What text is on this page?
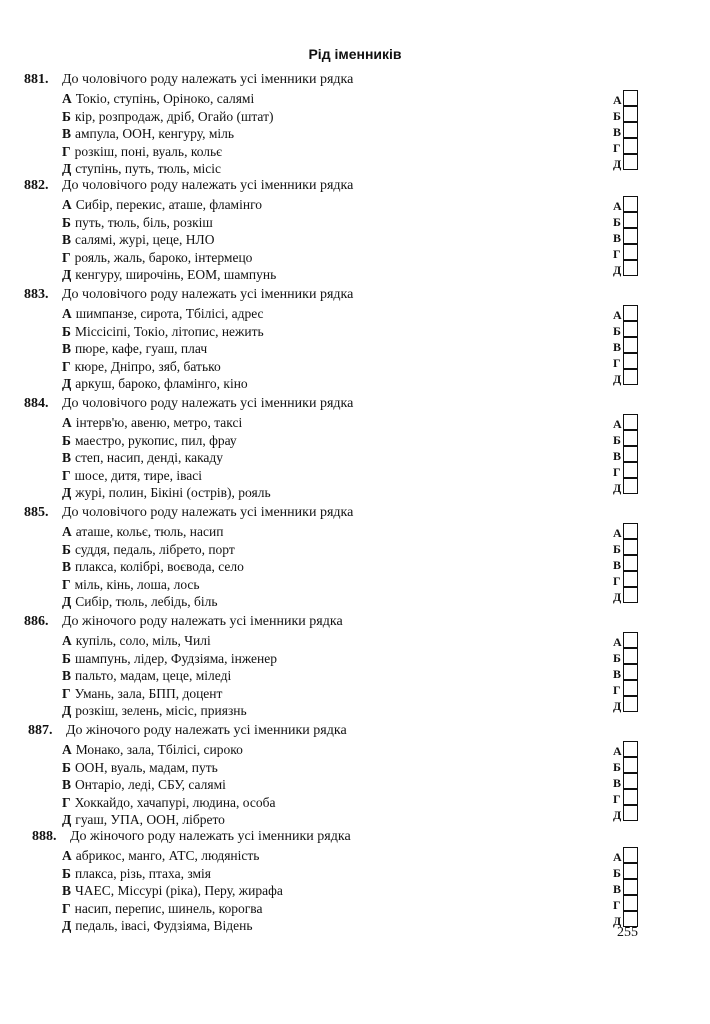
Рід іменників
881. До чоловічого роду належать усі іменники рядка
А Токіо, ступінь, Оріноко, салямі	А
Б кір, розпродаж, дріб, Огайо (штат)	Б
В ампула, ООН, кенгуру, міль	В
Г розкіш, поні, вуаль, кольє	Г
Д ступінь, путь, тюль, місіс	Д
882. До чоловічого роду належать усі іменники рядка
А Сибір, перекис, аташе, фламінго	А
Б путь, тюль, біль, розкіш	Б
В салямі, журі, цеце, НЛО	В
Г рояль, жаль, бароко, інтермецо	Г
Д кенгуру, широчінь, ЕОМ, шампунь	Д
883. До чоловічого роду належать усі іменники рядка
А шимпанзе, сирота, Тбілісі, адрес	А
Б Міссісіпі, Токіо, літопис, нежить	Б
В пюре, кафе, гуаш, плач	В
Г кюре, Дніпро, зяб, батько	Г
Д аркуш, бароко, фламінго, кіно	Д
884. До чоловічого роду належать усі іменники рядка
А інтерв'ю, авеню, метро, таксі	А
Б маестро, рукопис, пил, фрау	Б
В степ, насип, денді, какаду	В
Г шосе, дитя, тире, івасі	Г
Д журі, полин, Бікіні (острів), рояль	Д
885. До чоловічого роду належать усі іменники рядка
А аташе, кольє, тюль, насип	А
Б суддя, педаль, лібрето, порт	Б
В плакса, колібрі, воєвода, село	В
Г міль, кінь, лоша, лось	Г
Д Сибір, тюль, лебідь, біль	Д
886. До жіночого роду належать усі іменники рядка
А купіль, соло, міль, Чилі	А
Б шампунь, лідер, Фудзіяма, інженер	Б
В пальто, мадам, цеце, міледі	В
Г Умань, зала, БПП, доцент	Г
Д розкіш, зелень, місіс, приязнь	Д
887. До жіночого роду належать усі іменники рядка
А Монако, зала, Тбілісі, сироко	А
Б ООН, вуаль, мадам, путь	Б
В Онтаріо, леді, СБУ, салямі	В
Г Хоккайдо, хачапурі, людина, особа	Г
Д гуаш, УПА, ООН, лібрето	Д
888. До жіночого роду належать усі іменники рядка
А абрикос, манго, АТС, людяність	А
Б плакса, різь, птаха, змія	Б
В ЧАЕС, Міссурі (ріка), Перу, жирафа	В
Г насип, перепис, шинель, корогва	Г
Д педаль, івасі, Фудзіяма, Відень	Д
255
